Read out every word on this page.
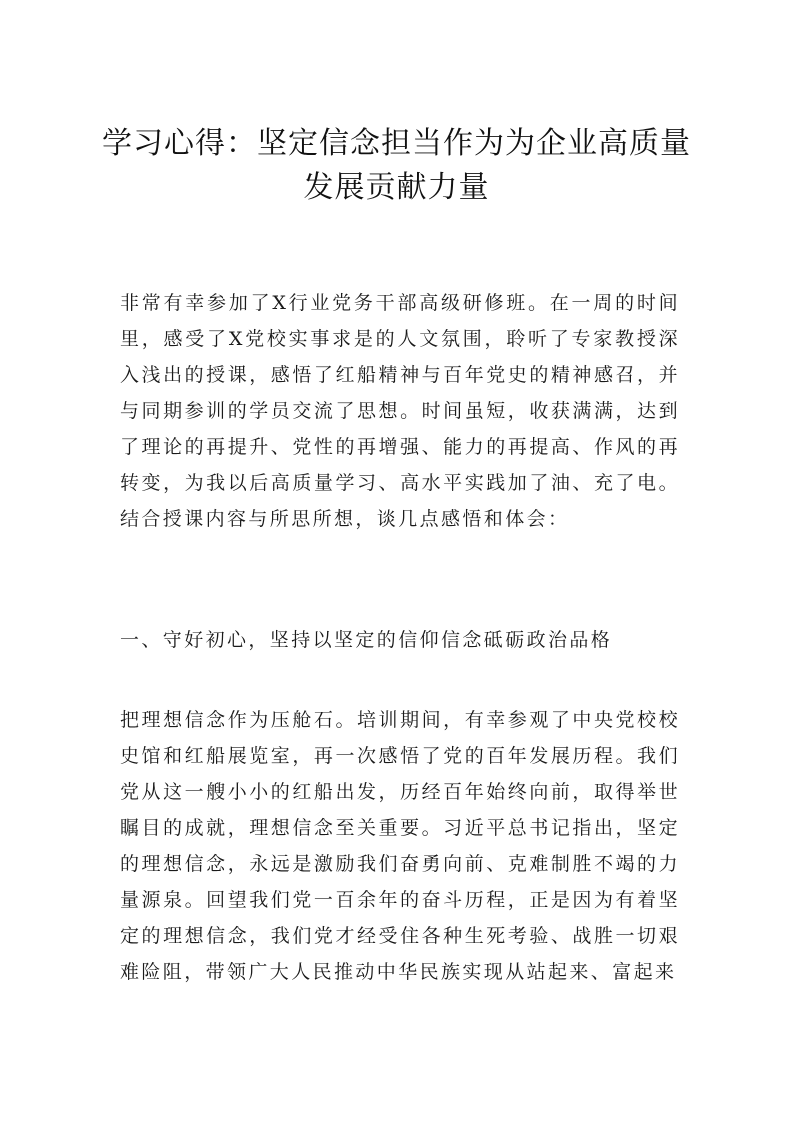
学习心得：坚定信念担当作为为企业高质量
发展贡献力量

非常有幸参加了X行业党务干部高级研修班。在一周的时间里，感受了X党校实事求是的人文氛围，聆听了专家教授深入浅出的授课，感悟了红船精神与百年党史的精神感召，并与同期参训的学员交流了思想。时间虽短，收获满满，达到了理论的再提升、党性的再增强、能力的再提高、作风的再转变，为我以后高质量学习、高水平实践加了油、充了电。结合授课内容与所思所想，谈几点感悟和体会：

一、守好初心，坚持以坚定的信仰信念砥砺政治品格

把理想信念作为压舱石。培训期间，有幸参观了中央党校校史馆和红船展览室，再一次感悟了党的百年发展历程。我们党从这一艘小小的红船出发，历经百年始终向前，取得举世瞩目的成就，理想信念至关重要。习近平总书记指出，坚定的理想信念，永远是激励我们奋勇向前、克难制胜不竭的力量源泉。回望我们党一百余年的奋斗历程，正是因为有着坚定的理想信念，我们党才经受住各种生死考验、战胜一切艰难险阻，带领广大人民推动中华民族实现从站起来、富起来
